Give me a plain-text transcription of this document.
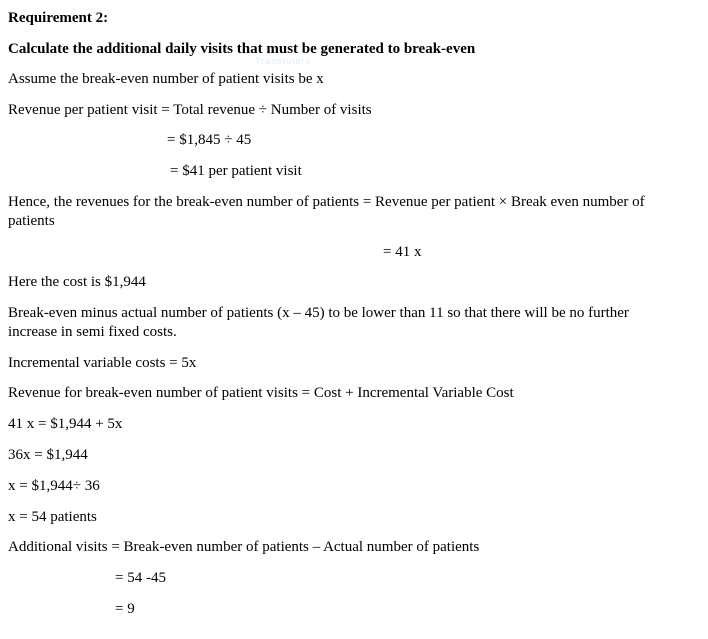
Requirement 2:
Calculate the additional daily visits that must be generated to break-even
Transtutors
Assume the break-even number of patient visits be x
Revenue per patient visit = Total revenue ÷ Number of visits
= $1,845 ÷ 45
= $41 per patient visit
Hence, the revenues for the break-even number of patients = Revenue per patient × Break even number of patients
= 41 x
Here the cost is $1,944
Break-even minus actual number of patients (x – 45) to be lower than 11 so that there will be no further increase in semi fixed costs.
Incremental variable costs = 5x
Revenue for break-even number of patient visits = Cost + Incremental Variable Cost
41 x = $1,944 + 5x
36x = $1,944
x = $1,944÷ 36
x = 54 patients
Additional visits = Break-even number of patients – Actual number of patients
= 54 -45
= 9
